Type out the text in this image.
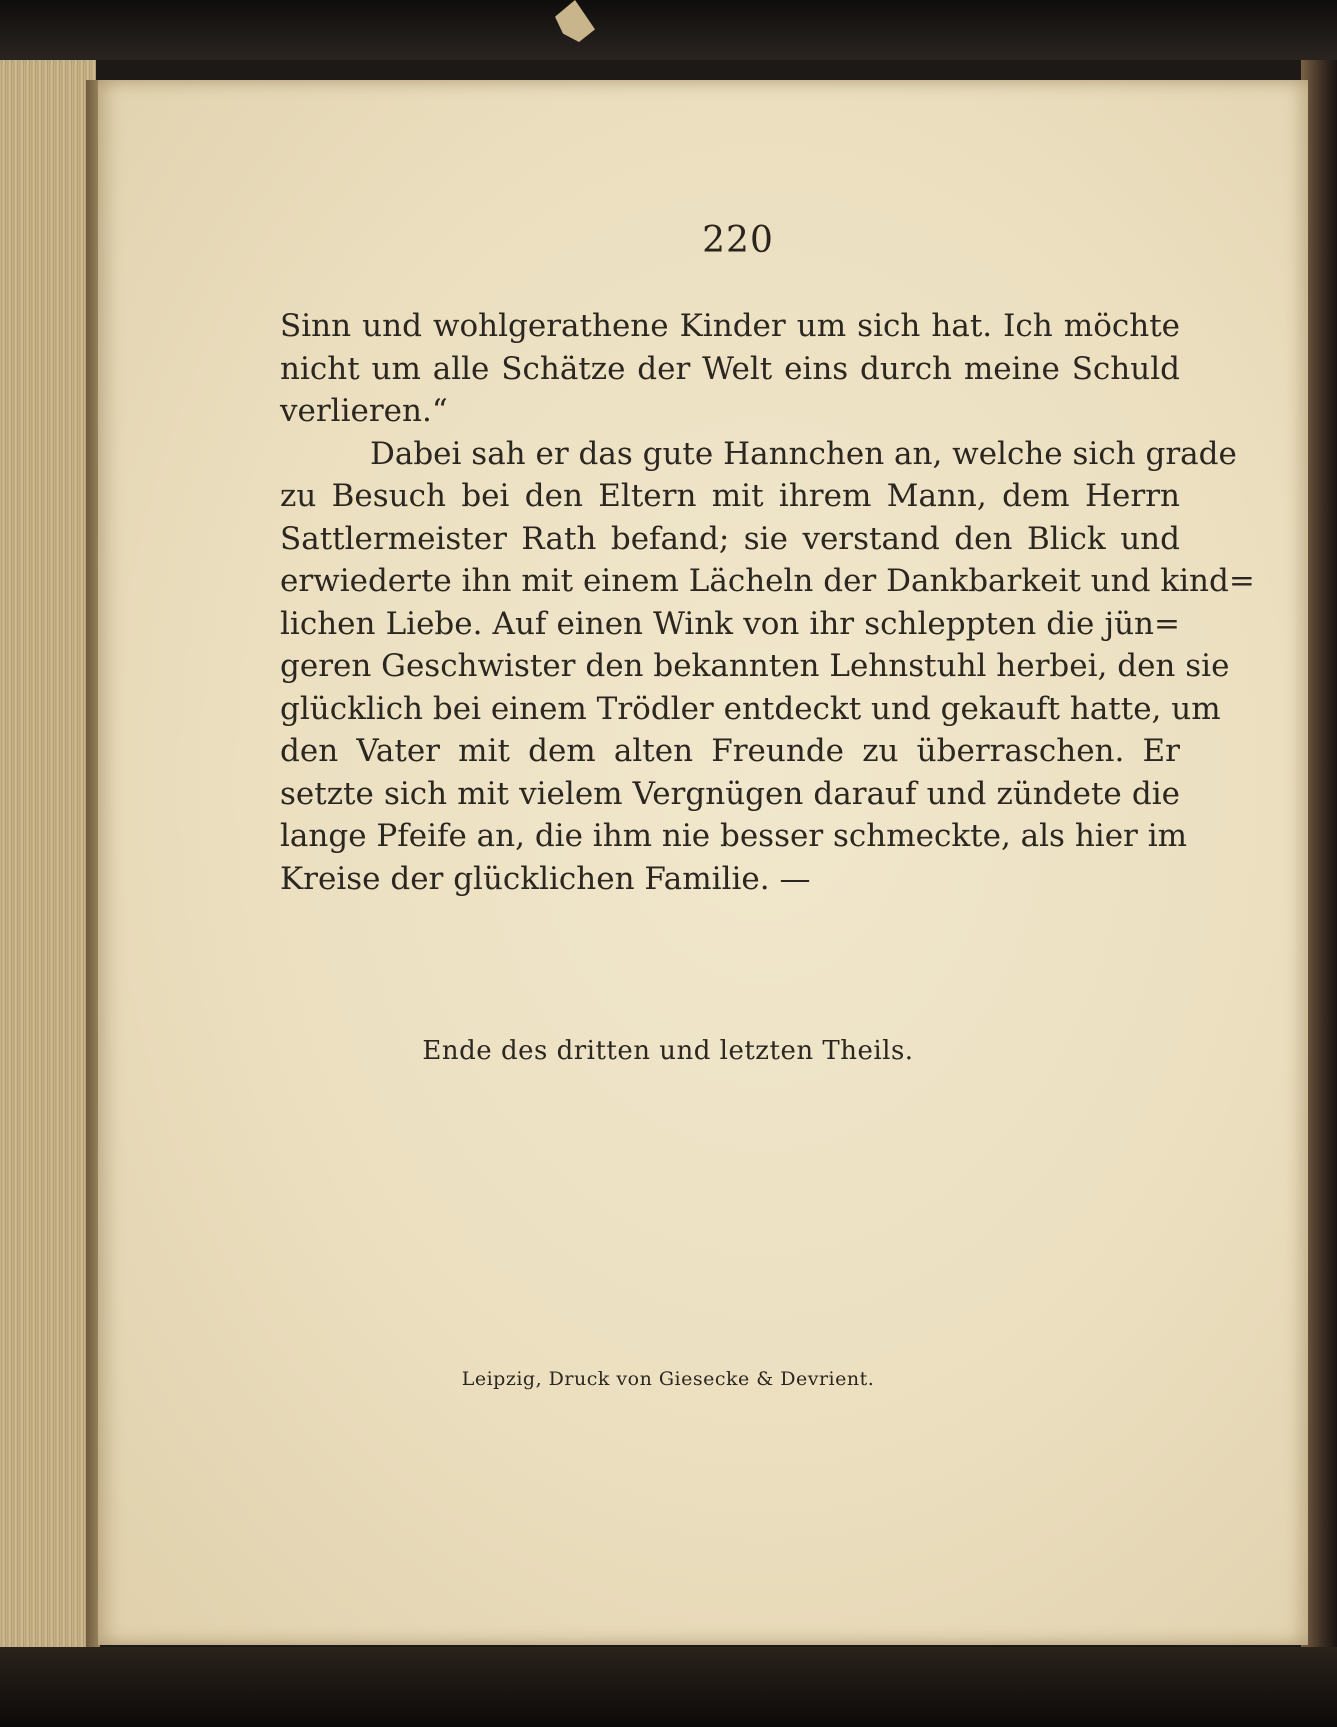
220
Sinn und wohlgerathene Kinder um sich hat. Ich möchte
nicht um alle Schätze der Welt eins durch meine Schuld
verlieren.“
Dabei sah er das gute Hannchen an, welche sich grade
zu Besuch bei den Eltern mit ihrem Mann, dem Herrn
Sattlermeister Rath befand; sie verstand den Blick und
erwiederte ihn mit einem Lächeln der Dankbarkeit und kind=
lichen Liebe. Auf einen Wink von ihr schleppten die jün=
geren Geschwister den bekannten Lehnstuhl herbei, den sie
glücklich bei einem Trödler entdeckt und gekauft hatte, um
den Vater mit dem alten Freunde zu überraschen. Er
setzte sich mit vielem Vergnügen darauf und zündete die
lange Pfeife an, die ihm nie besser schmeckte, als hier im
Kreise der glücklichen Familie. —
Ende des dritten und letzten Theils.
Leipzig, Druck von Giesecke & Devrient.
